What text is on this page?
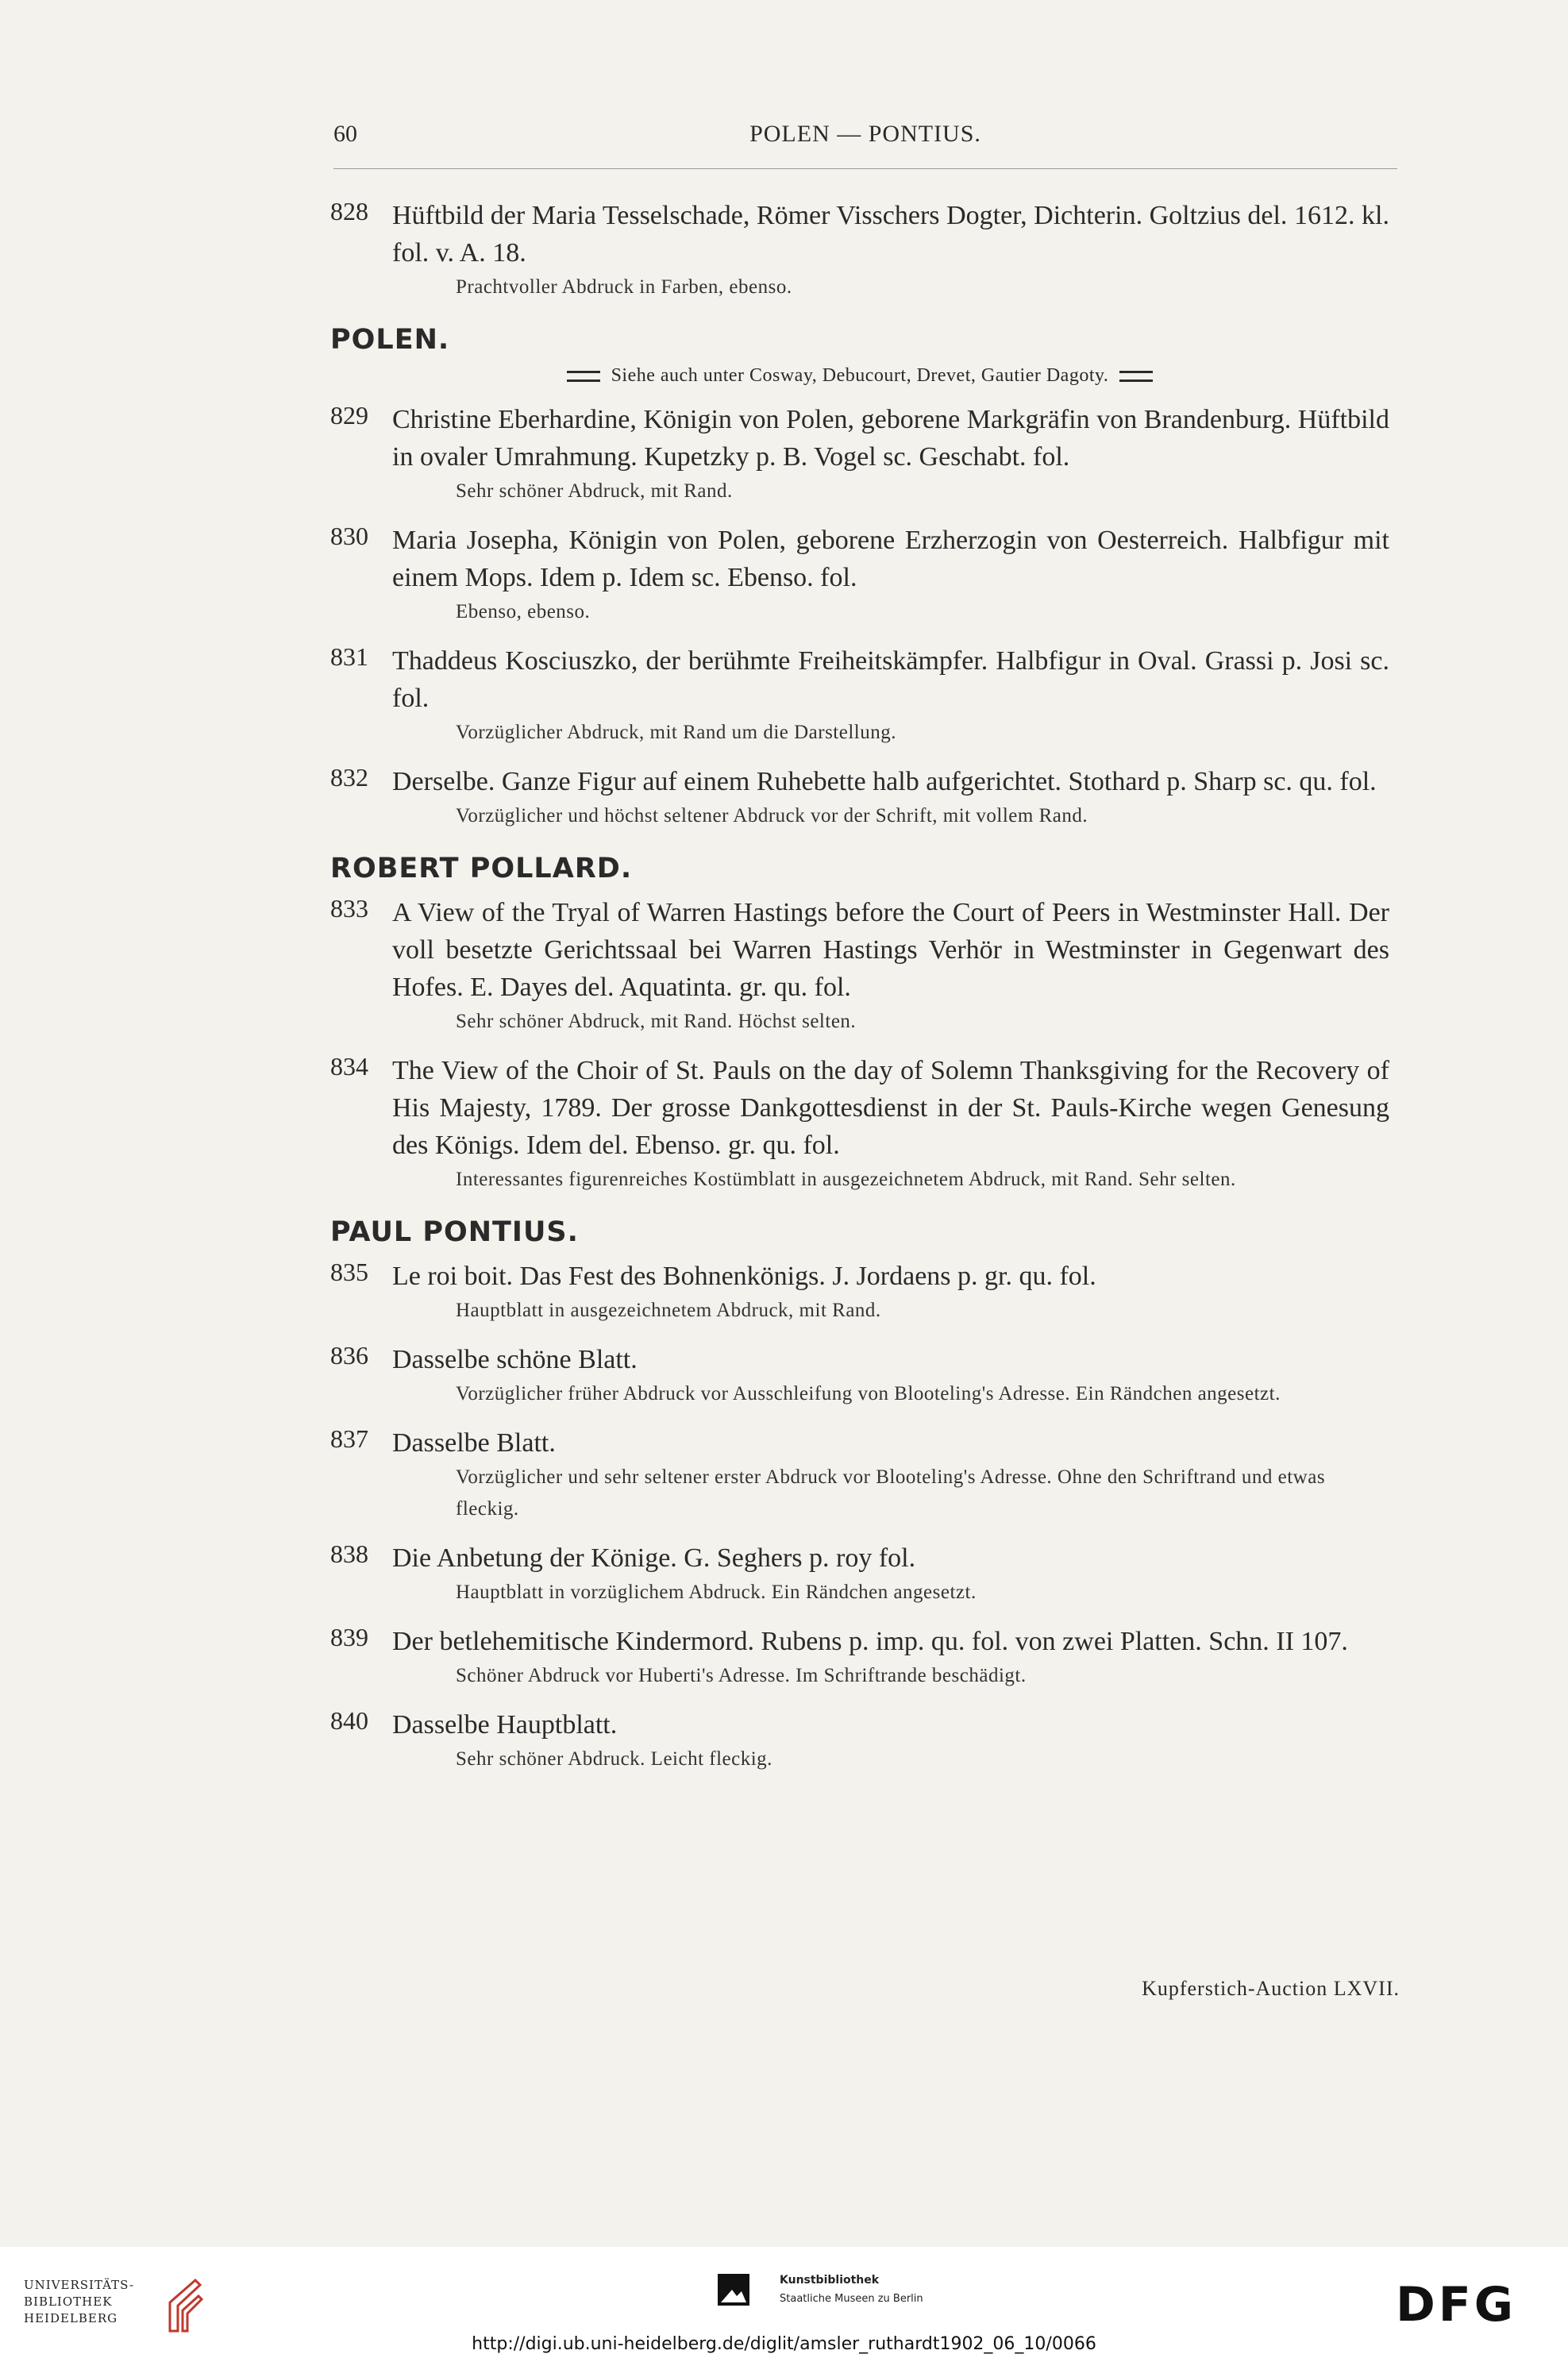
60	POLEN — PONTIUS.
828 Hüftbild der Maria Tesselschade, Römer Visschers Dogter, Dichterin. Goltzius del. 1612. kl. fol. v. A. 18.
Prachtvoller Abdruck in Farben, ebenso.
POLEN.
Siehe auch unter Cosway, Debucourt, Drevet, Gautier Dagoty.
829 Christine Eberhardine, Königin von Polen, geborene Markgräfin von Brandenburg. Hüftbild in ovaler Umrahmung. Kupetzky p. B. Vogel sc. Geschabt. fol.
Sehr schöner Abdruck, mit Rand.
830 Maria Josepha, Königin von Polen, geborene Erzherzogin von Oesterreich. Halbfigur mit einem Mops. Idem p. Idem sc. Ebenso. fol.
Ebenso, ebenso.
831 Thaddeus Kosciuszko, der berühmte Freiheitskämpfer. Halbfigur in Oval. Grassi p. Josi sc. fol.
Vorzüglicher Abdruck, mit Rand um die Darstellung.
832 Derselbe. Ganze Figur auf einem Ruhebette halb aufgerichtet. Stothard p. Sharp sc. qu. fol.
Vorzüglicher und höchst seltener Abdruck vor der Schrift, mit vollem Rand.
ROBERT POLLARD.
833 A View of the Tryal of Warren Hastings before the Court of Peers in Westminster Hall. Der voll besetzte Gerichtssaal bei Warren Hastings Verhör in Westminster in Gegenwart des Hofes. E. Dayes del. Aquatinta. gr. qu. fol.
Sehr schöner Abdruck, mit Rand. Höchst selten.
834 The View of the Choir of St. Pauls on the day of Solemn Thanksgiving for the Recovery of His Majesty, 1789. Der grosse Dankgottesdienst in der St. Pauls-Kirche wegen Genesung des Königs. Idem del. Ebenso. gr. qu. fol.
Interessantes figurenreiches Kostümblatt in ausgezeichnetem Abdruck, mit Rand. Sehr selten.
PAUL PONTIUS.
835 Le roi boit. Das Fest des Bohnenkönigs. J. Jordaens p. gr. qu. fol.
Hauptblatt in ausgezeichnetem Abdruck, mit Rand.
836 Dasselbe schöne Blatt.
Vorzüglicher früher Abdruck vor Ausschleifung von Blooteling's Adresse. Ein Rändchen angesetzt.
837 Dasselbe Blatt.
Vorzüglicher und sehr seltener erster Abdruck vor Blooteling's Adresse. Ohne den Schriftrand und etwas fleckig.
838 Die Anbetung der Könige. G. Seghers p. roy fol.
Hauptblatt in vorzüglichem Abdruck. Ein Rändchen angesetzt.
839 Der betlehemitische Kindermord. Rubens p. imp. qu. fol. von zwei Platten. Schn. II 107.
Schöner Abdruck vor Huberti's Adresse. Im Schriftrande beschädigt.
840 Dasselbe Hauptblatt.
Sehr schöner Abdruck. Leicht fleckig.
Kupferstich-Auction LXVII.
UNIVERSITÄTS-
BIBLIOTHEK
HEIDELBERG
Kunstbibliothek
Staatliche Museen zu Berlin	DFG
http://digi.ub.uni-heidelberg.de/diglit/amsler_ruthardt1902_06_10/0066
